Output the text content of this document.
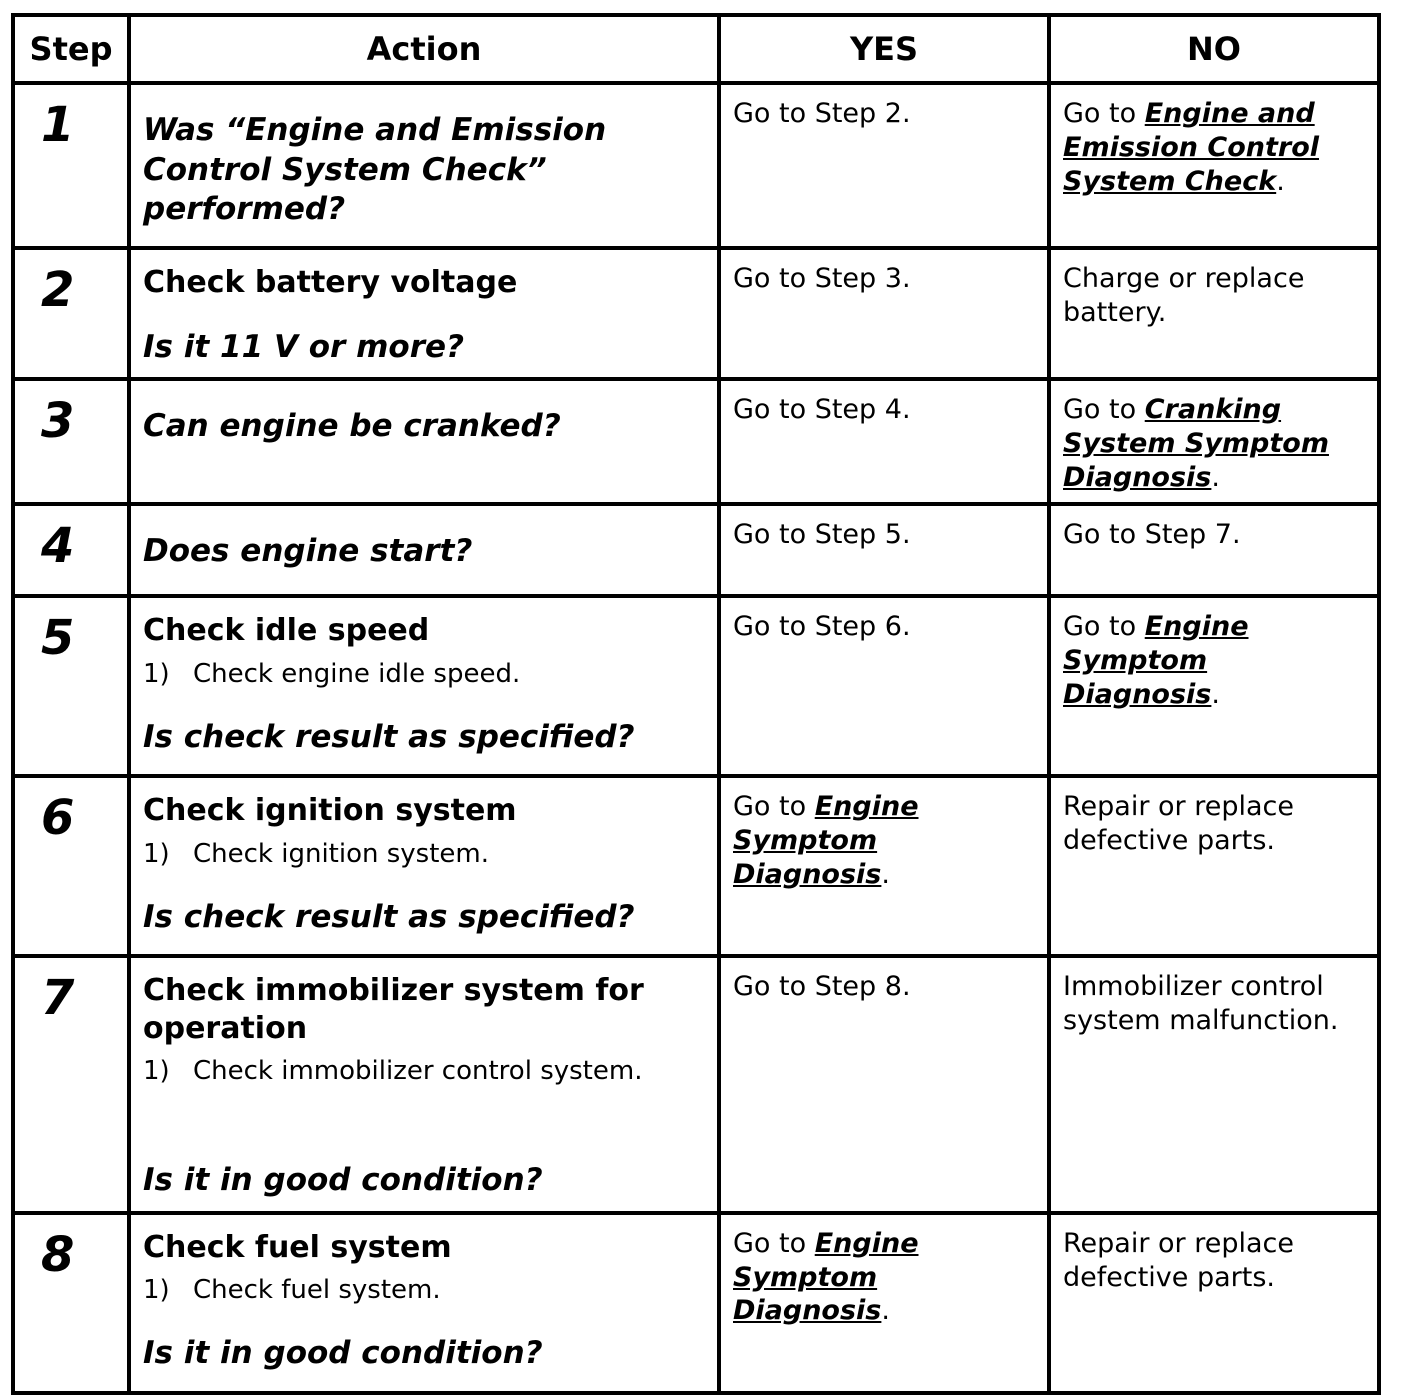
Step	Action	YES	NO

1	Was “Engine and Emission Control System Check” performed?	Go to Step 2.	Go to Engine and Emission Control System Check.

2	Check battery voltage
Is it 11 V or more?	Go to Step 3.	Charge or replace battery.

3	Can engine be cranked?	Go to Step 4.	Go to Cranking System Symptom Diagnosis.

4	Does engine start?	Go to Step 5.	Go to Step 7.

5	Check idle speed
1) Check engine idle speed.
Is check result as specified?	Go to Step 6.	Go to Engine Symptom Diagnosis.

6	Check ignition system
1) Check ignition system.
Is check result as specified?	Go to Engine Symptom Diagnosis.	Repair or replace defective parts.

7	Check immobilizer system for operation
1) Check immobilizer control system.
Is it in good condition?	Go to Step 8.	Immobilizer control system malfunction.

8	Check fuel system
1) Check fuel system.
Is it in good condition?	Go to Engine Symptom Diagnosis.	Repair or replace defective parts.
